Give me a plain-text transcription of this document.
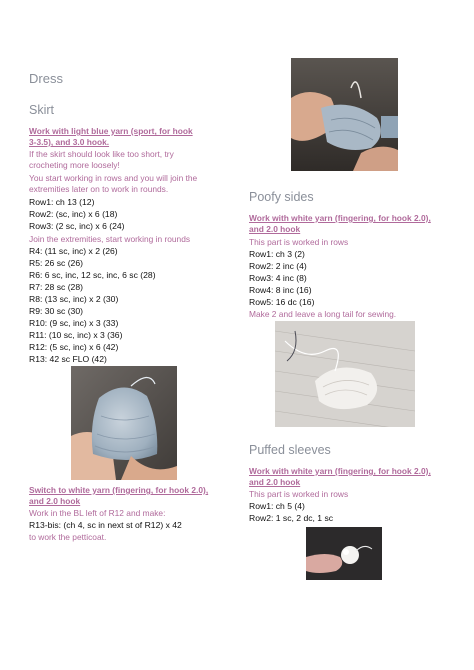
Dress
Skirt
Work with light blue yarn (sport, for hook
3-3.5), and 3.0 hook.
If the skirt should look like too short, try
crocheting more loosely!
You start working in rows and you will join the
extremities later on to work in rounds.
Row1: ch 13 (12)
Row2: (sc, inc) x 6 (18)
Row3: (2 sc, inc) x 6 (24)
Join the extremities, start working in rounds
R4: (11 sc, inc) x 2 (26)
R5: 26 sc (26)
R6: 6 sc, inc, 12 sc, inc, 6 sc (28)
R7: 28 sc (28)
R8: (13 sc, inc) x 2 (30)
R9: 30 sc (30)
R10: (9 sc, inc) x 3 (33)
R11: (10 sc, inc) x 3 (36)
R12: (5 sc, inc) x 6 (42)
R13: 42 sc FLO (42)
Switch to white yarn (fingering, for hook 2.0),
and 2.0 hook
Work in the BL left of R12 and make:
R13-bis: (ch 4, sc in next st of R12) x 42
to work the petticoat.
Poofy sides
Work with white yarn (fingering, for hook 2.0),
and 2.0 hook
This part is worked in rows
Row1: ch 3 (2)
Row2: 2 inc (4)
Row3: 4 inc (8)
Row4: 8 inc (16)
Row5: 16 dc (16)
Make 2 and leave a long tail for sewing.
Puffed sleeves
Work with white yarn (fingering, for hook 2.0),
and 2.0 hook
This part is worked in rows
Row1: ch 5 (4)
Row2: 1 sc, 2 dc, 1 sc
